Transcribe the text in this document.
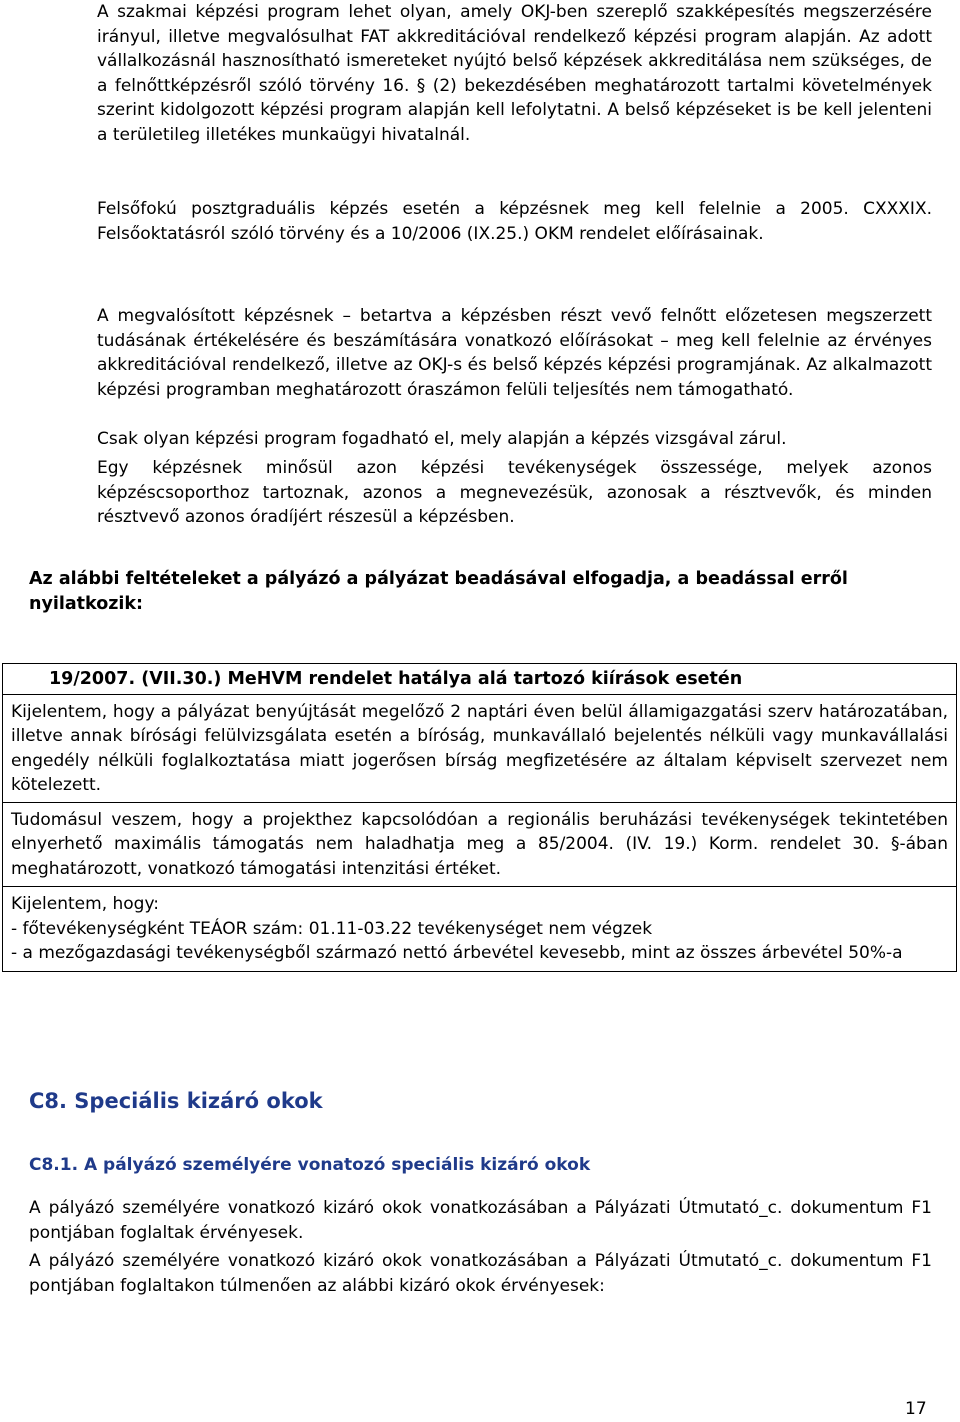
A szakmai képzési program lehet olyan, amely OKJ-ben szereplő szakképesítés megszerzésére irányul, illetve megvalósulhat FAT akkreditációval rendelkező képzési program alapján. Az adott vállalkozásnál hasznosítható ismereteket nyújtó belső képzések akkreditálása nem szükséges, de a felnőttképzésről szóló törvény 16. § (2) bekezdésében meghatározott tartalmi követelmények szerint kidolgozott képzési program alapján kell lefolytatni. A belső képzéseket is be kell jelenteni a területileg illetékes munkaügyi hivatalnál.

Felsőfokú posztgraduális képzés esetén a képzésnek meg kell felelnie a 2005. CXXXIX. Felsőoktatásról szóló törvény és a 10/2006 (IX.25.) OKM rendelet előírásainak.

A megvalósított képzésnek – betartva a képzésben részt vevő felnőtt előzetesen megszerzett tudásának értékelésére és beszámítására vonatkozó előírásokat – meg kell felelnie az érvényes akkreditációval rendelkező, illetve az OKJ-s és belső képzés képzési programjának. Az alkalmazott képzési programban meghatározott óraszámon felüli teljesítés nem támogatható.

Csak olyan képzési program fogadható el, mely alapján a képzés vizsgával zárul.

Egy képzésnek minősül azon képzési tevékenységek összessége, melyek azonos képzéscsoporthoz tartoznak, azonos a megnevezésük, azonosak a résztvevők, és minden résztvevő azonos óradíjért részesül a képzésben.

Az alábbi feltételeket a pályázó a pályázat beadásával elfogadja, a beadással erről nyilatkozik:

19/2007. (VII.30.) MeHVM rendelet hatálya alá tartozó kiírások esetén

Kijelentem, hogy a pályázat benyújtását megelőző 2 naptári éven belül államigazgatási szerv határozatában, illetve annak bírósági felülvizsgálata esetén a bíróság, munkavállaló bejelentés nélküli vagy munkavállalási engedély nélküli foglalkoztatása miatt jogerősen bírság megfizetésére az általam képviselt szervezet nem kötelezett.

Tudomásul veszem, hogy a projekthez kapcsolódóan a regionális beruházási tevékenységek tekintetében elnyerhető maximális támogatás nem haladhatja meg a 85/2004. (IV. 19.) Korm. rendelet 30. §-ában meghatározott, vonatkozó támogatási intenzitási értéket.

Kijelentem, hogy:

- főtevékenységként TEÁOR szám: 01.11-03.22 tevékenységet nem végzek

- a mezőgazdasági tevékenységből származó nettó árbevétel kevesebb, mint az összes árbevétel 50%-a

C8. Speciális kizáró okok
C8.1. A pályázó személyére vonatozó speciális kizáró okok

A pályázó személyére vonatkozó kizáró okok vonatkozásában a Pályázati Útmutató_c. dokumentum F1 pontjában foglaltak érvényesek.

A pályázó személyére vonatkozó kizáró okok vonatkozásában a Pályázati Útmutató_c. dokumentum F1 pontjában foglaltakon túlmenően az alábbi kizáró okok érvényesek:

17
